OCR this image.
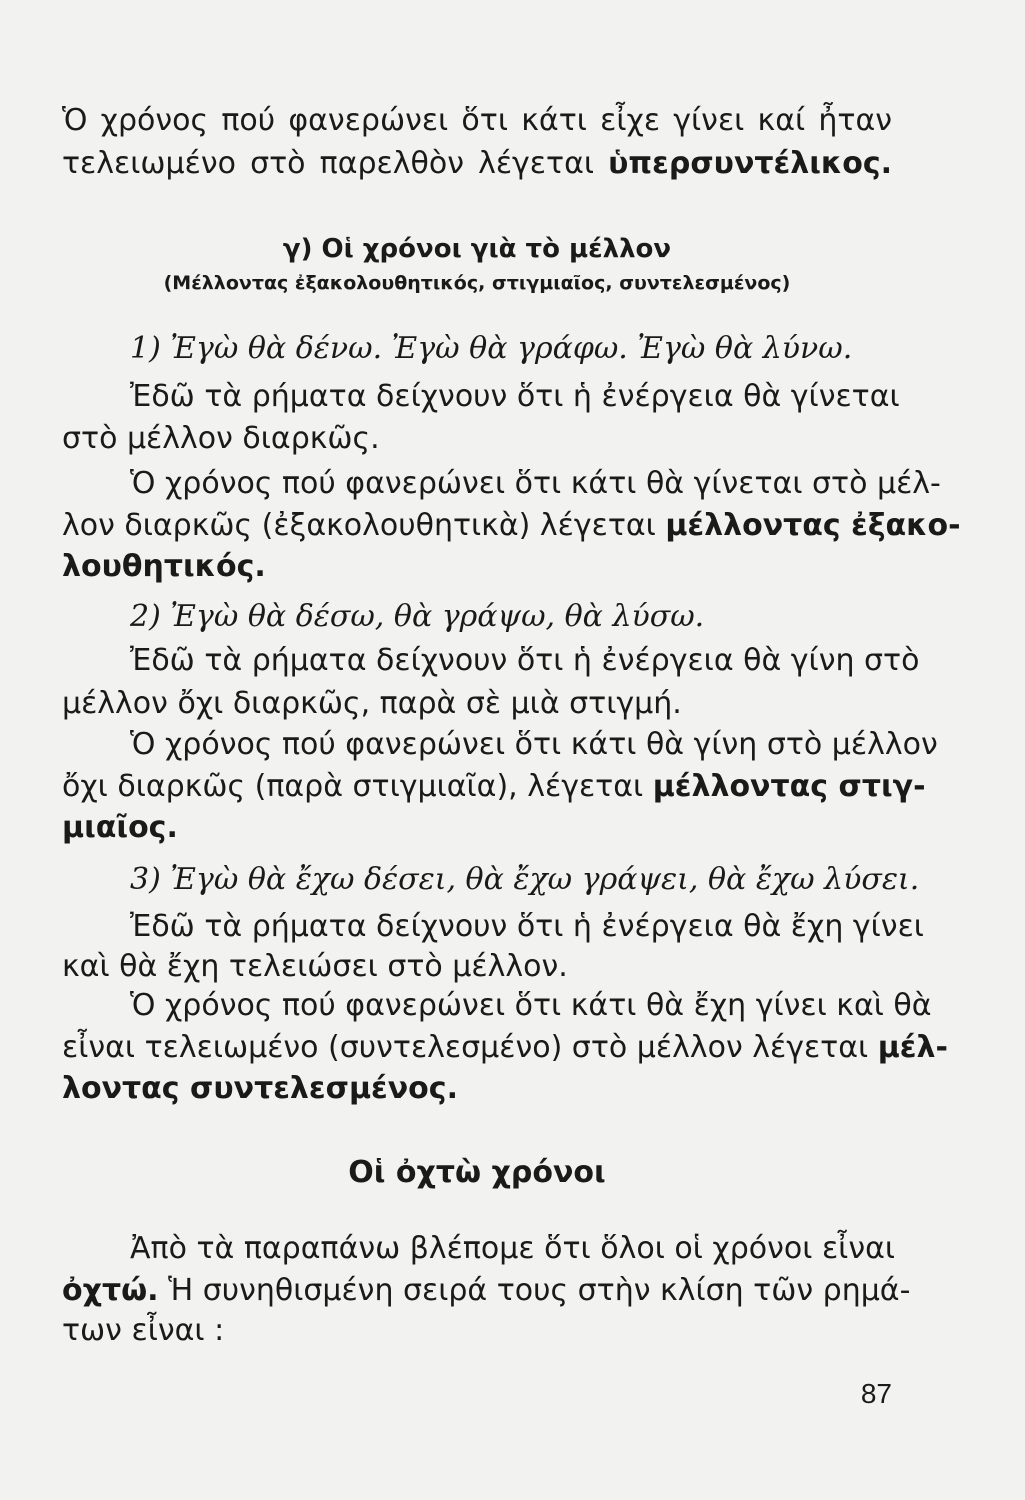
Ὁ χρόνος πού φανερώνει ὅτι κάτι εἶχε γίνει καί ἦταν
τελειωμένο στὸ παρελθὸν λέγεται ὑπερσυντέλικος.
γ) Οἱ χρόνοι γιὰ τὸ μέλλον
(Μέλλοντας ἐξακολουθητικός, στιγμιαῖος, συντελεσμένος)
1) Ἐγὼ θὰ δένω. Ἐγὼ θὰ γράφω. Ἐγὼ θὰ λύνω.
Ἐδῶ τὰ ρήματα δείχνουν ὅτι ἡ ἐνέργεια θὰ γίνεται
στὸ μέλλον διαρκῶς.
Ὁ χρόνος πού φανερώνει ὅτι κάτι θὰ γίνεται στὸ μέλ-
λον διαρκῶς (ἐξακολουθητικὰ) λέγεται μέλλοντας ἐξακο-
λουθητικός.
2) Ἐγὼ θὰ δέσω, θὰ γράψω, θὰ λύσω.
Ἐδῶ τὰ ρήματα δείχνουν ὅτι ἡ ἐνέργεια θὰ γίνη στὸ
μέλλον ὄχι διαρκῶς, παρὰ σὲ μιὰ στιγμή.
Ὁ χρόνος πού φανερώνει ὅτι κάτι θὰ γίνη στὸ μέλλον
ὄχι διαρκῶς (παρὰ στιγμιαῖα), λέγεται μέλλοντας στιγ-
μιαῖος.
3) Ἐγὼ θὰ ἔχω δέσει, θὰ ἔχω γράψει, θὰ ἔχω λύσει.
Ἐδῶ τὰ ρήματα δείχνουν ὅτι ἡ ἐνέργεια θὰ ἔχη γίνει
καὶ θὰ ἔχη τελειώσει στὸ μέλλον.
Ὁ χρόνος πού φανερώνει ὅτι κάτι θὰ ἔχη γίνει καὶ θὰ
εἶναι τελειωμένο (συντελεσμένο) στὸ μέλλον λέγεται μέλ-
λοντας συντελεσμένος.
Οἱ ὀχτὼ χρόνοι
Ἀπὸ τὰ παραπάνω βλέπομε ὅτι ὅλοι οἱ χρόνοι εἶναι
ὀχτώ. Ἡ συνηθισμένη σειρά τους στὴν κλίση τῶν ρημά-
των εἶναι :
87
